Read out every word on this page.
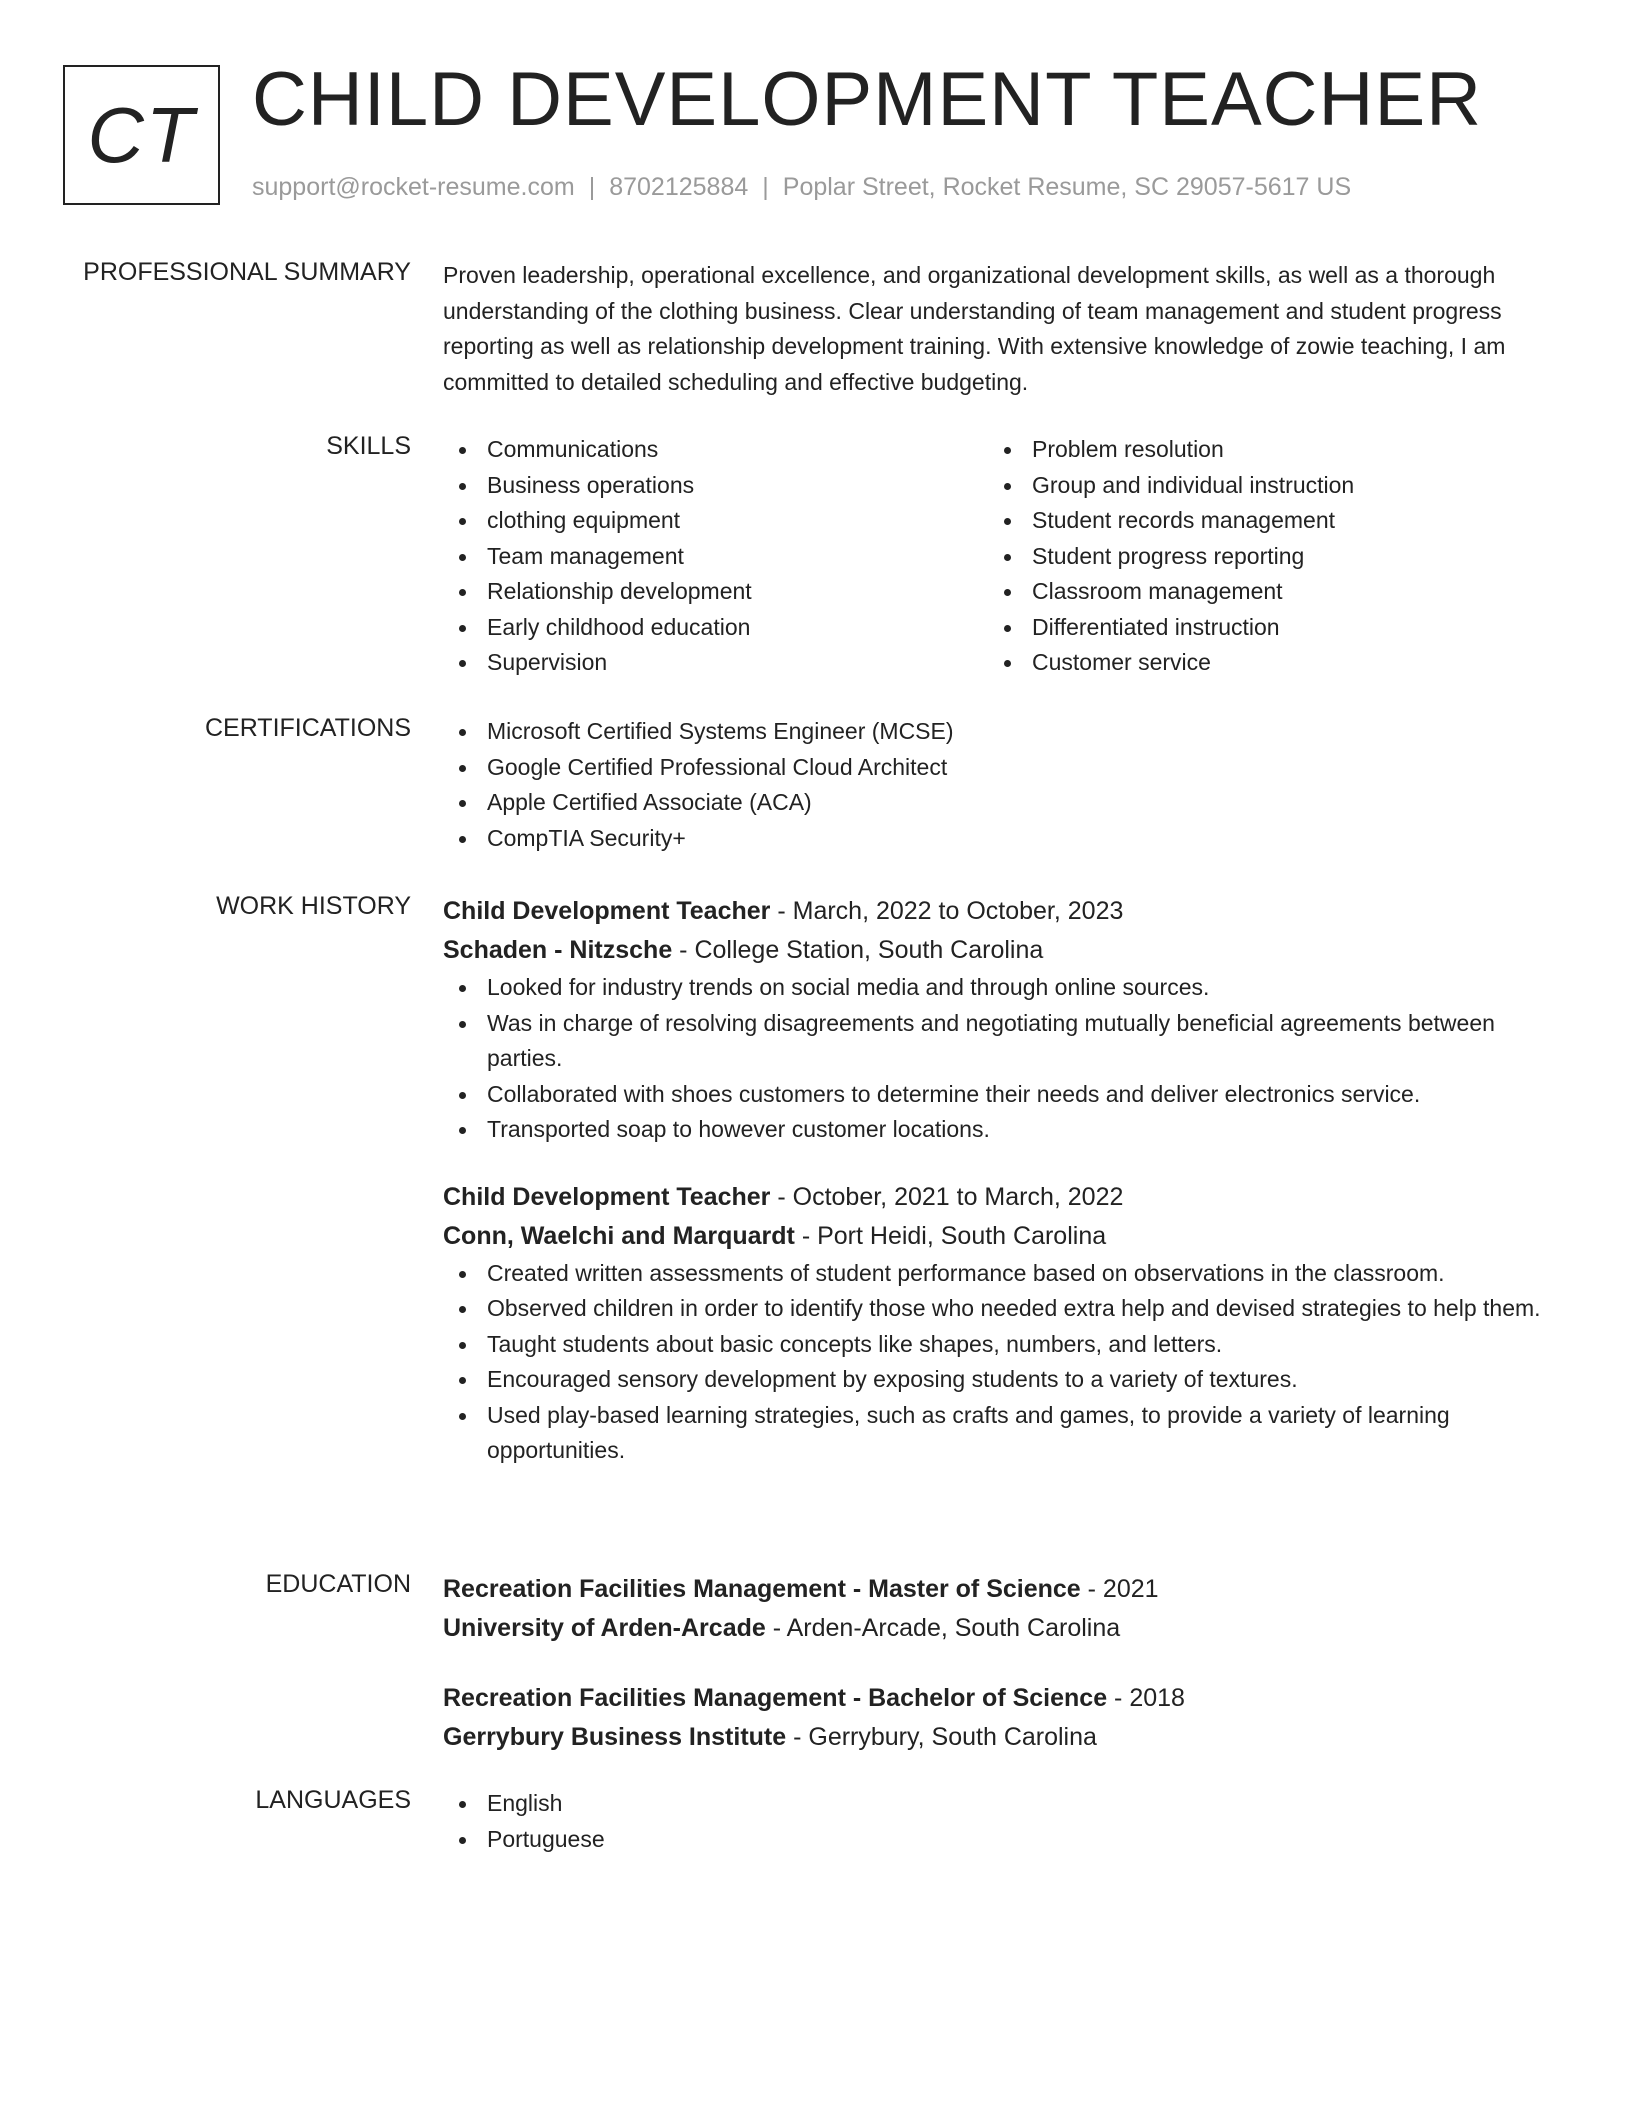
CT CHILD DEVELOPMENT TEACHER
support@rocket-resume.com | 8702125884 | Poplar Street, Rocket Resume, SC 29057-5617 US
PROFESSIONAL SUMMARY Proven leadership, operational excellence, and organizational development skills, as well as a thorough understanding of the clothing business. Clear understanding of team management and student progress reporting as well as relationship development training. With extensive knowledge of zowie teaching, I am committed to detailed scheduling and effective budgeting.

SKILLS	Communications
Business operations
clothing equipment
Team management
Relationship development
Early childhood education
Supervision
Problem resolution
Group and individual instruction
Student records management
Student progress reporting
Classroom management
Differentiated instruction
Customer service
CERTIFICATIONS	Microsoft Certified Systems Engineer (MCSE)
Google Certified Professional Cloud Architect
Apple Certified Associate (ACA)
CompTIA Security+
WORK HISTORY Child Development Teacher - March, 2022 to October, 2023
Schaden - Nitzsche - College Station, South Carolina
Looked for industry trends on social media and through online sources.
Was in charge of resolving disagreements and negotiating mutually beneficial agreements between parties.
Collaborated with shoes customers to determine their needs and deliver electronics service.
Transported soap to however customer locations.
Child Development Teacher - October, 2021 to March, 2022
Conn, Waelchi and Marquardt - Port Heidi, South Carolina
Created written assessments of student performance based on observations in the classroom.
Observed children in order to identify those who needed extra help and devised strategies to help them.
Taught students about basic concepts like shapes, numbers, and letters.
Encouraged sensory development by exposing students to a variety of textures.
Used play-based learning strategies, such as crafts and games, to provide a variety of learning opportunities.
EDUCATION Recreation Facilities Management - Master of Science - 2021
University of Arden-Arcade - Arden-Arcade, South Carolina
Recreation Facilities Management - Bachelor of Science - 2018
Gerrybury Business Institute - Gerrybury, South Carolina
LANGUAGES	English
Portuguese
